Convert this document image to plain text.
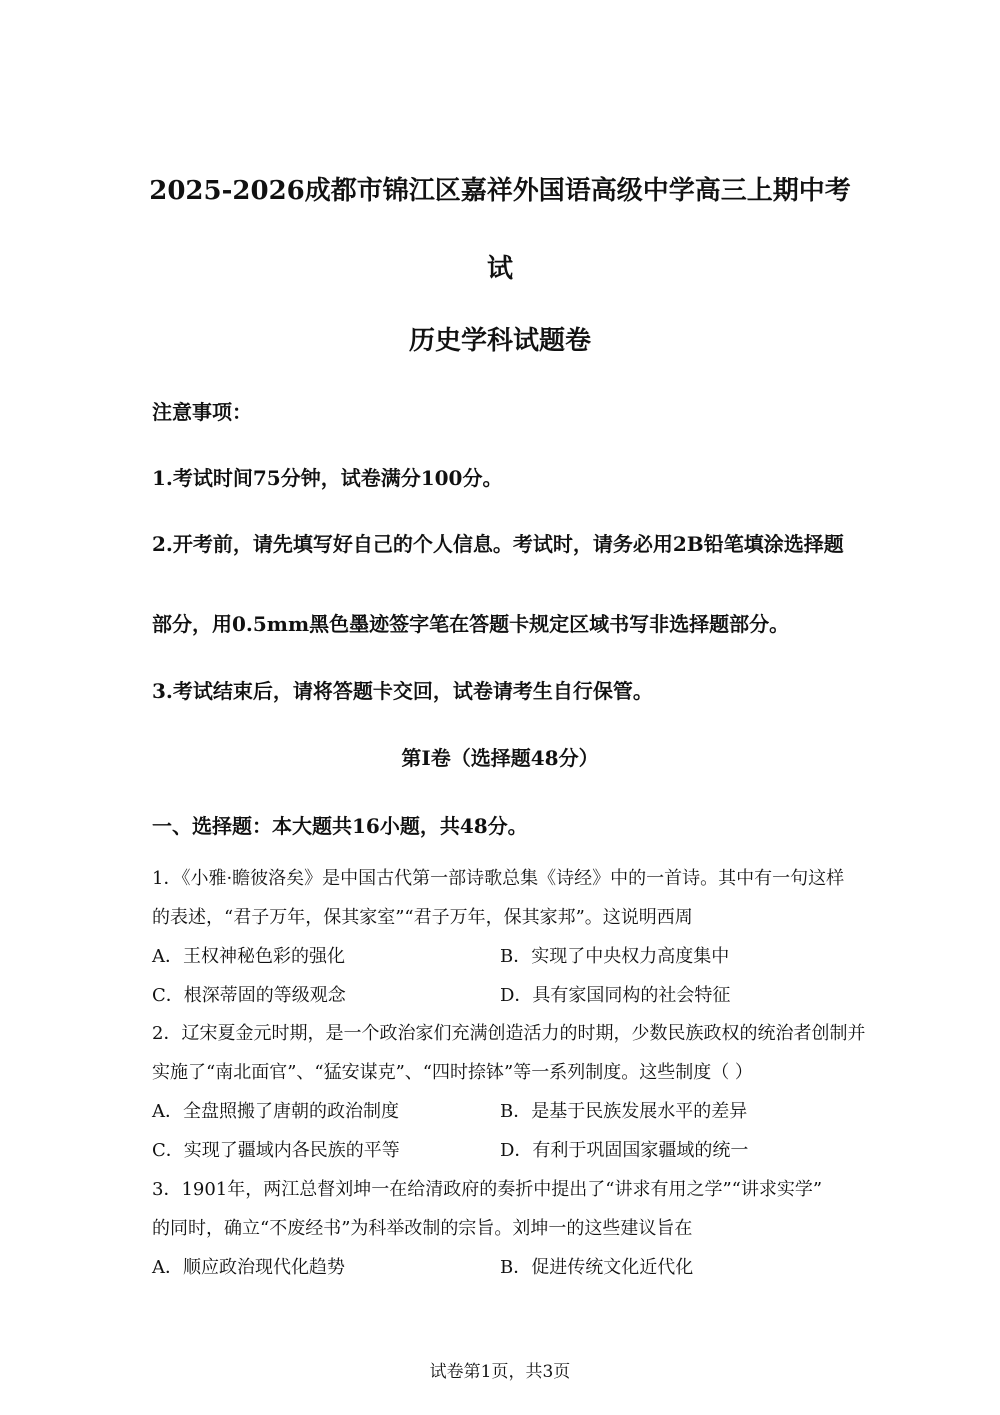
2025-2026成都市锦江区嘉祥外国语高级中学高三上期中考
试
历史学科试题卷
注意事项：
1.考试时间75分钟，试卷满分100分。
2.开考前，请先填写好自己的个人信息。考试时，请务必用2B铅笔填涂选择题
部分，用0.5mm黑色墨迹签字笔在答题卡规定区域书写非选择题部分。
3.考试结束后，请将答题卡交回，试卷请考生自行保管。
第I卷（选择题48分）
一、选择题：本大题共16小题，共48分。
1．《小雅·瞻彼洛矣》是中国古代第一部诗歌总集《诗经》中的一首诗。其中有一句这样
的表述，“君子万年，保其家室”“君子万年，保其家邦”。这说明西周
A．王权神秘色彩的强化	B．实现了中央权力高度集中
C．根深蒂固的等级观念	D．具有家国同构的社会特征
2．辽宋夏金元时期，是一个政治家们充满创造活力的时期，少数民族政权的统治者创制并
实施了“南北面官”、“猛安谋克”、“四时捺钵”等一系列制度。这些制度（ ）
A．全盘照搬了唐朝的政治制度	B．是基于民族发展水平的差异
C．实现了疆域内各民族的平等	D．有利于巩固国家疆域的统一
3．1901年，两江总督刘坤一在给清政府的奏折中提出了“讲求有用之学”“讲求实学”
的同时，确立“不废经书”为科举改制的宗旨。刘坤一的这些建议旨在
A．顺应政治现代化趋势	B．促进传统文化近代化
试卷第1页，共3页
